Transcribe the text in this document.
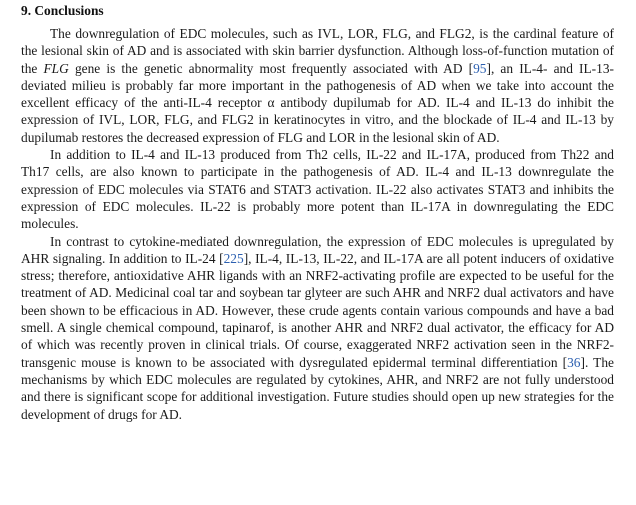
9. Conclusions

The downregulation of EDC molecules, such as IVL, LOR, FLG, and FLG2, is the cardinal feature of the lesional skin of AD and is associated with skin barrier dysfunction. Although loss-of-function mutation of the FLG gene is the genetic abnormality most frequently associated with AD [95], an IL-4- and IL-13-deviated milieu is probably far more important in the pathogenesis of AD when we take into account the excellent efficacy of the anti-IL-4 receptor α antibody dupilumab for AD. IL-4 and IL-13 do inhibit the expression of IVL, LOR, FLG, and FLG2 in keratinocytes in vitro, and the blockade of IL-4 and IL-13 by dupilumab restores the decreased expression of FLG and LOR in the lesional skin of AD.

In addition to IL-4 and IL-13 produced from Th2 cells, IL-22 and IL-17A, produced from Th22 and Th17 cells, are also known to participate in the pathogenesis of AD. IL-4 and IL-13 downregulate the expression of EDC molecules via STAT6 and STAT3 activation. IL-22 also activates STAT3 and inhibits the expression of EDC molecules. IL-22 is probably more potent than IL-17A in downregulating the EDC molecules.

In contrast to cytokine-mediated downregulation, the expression of EDC molecules is upregulated by AHR signaling. In addition to IL-24 [225], IL-4, IL-13, IL-22, and IL-17A are all potent inducers of oxidative stress; therefore, antioxidative AHR ligands with an NRF2-activating profile are expected to be useful for the treatment of AD. Medicinal coal tar and soybean tar glyteer are such AHR and NRF2 dual activators and have been shown to be efficacious in AD. However, these crude agents contain various compounds and have a bad smell. A single chemical compound, tapinarof, is another AHR and NRF2 dual activator, the efficacy for AD of which was recently proven in clinical trials. Of course, exaggerated NRF2 activation seen in the NRF2-transgenic mouse is known to be associated with dysregulated epidermal terminal differentiation [36]. The mechanisms by which EDC molecules are regulated by cytokines, AHR, and NRF2 are not fully understood and there is significant scope for additional investigation. Future studies should open up new strategies for the development of drugs for AD.
